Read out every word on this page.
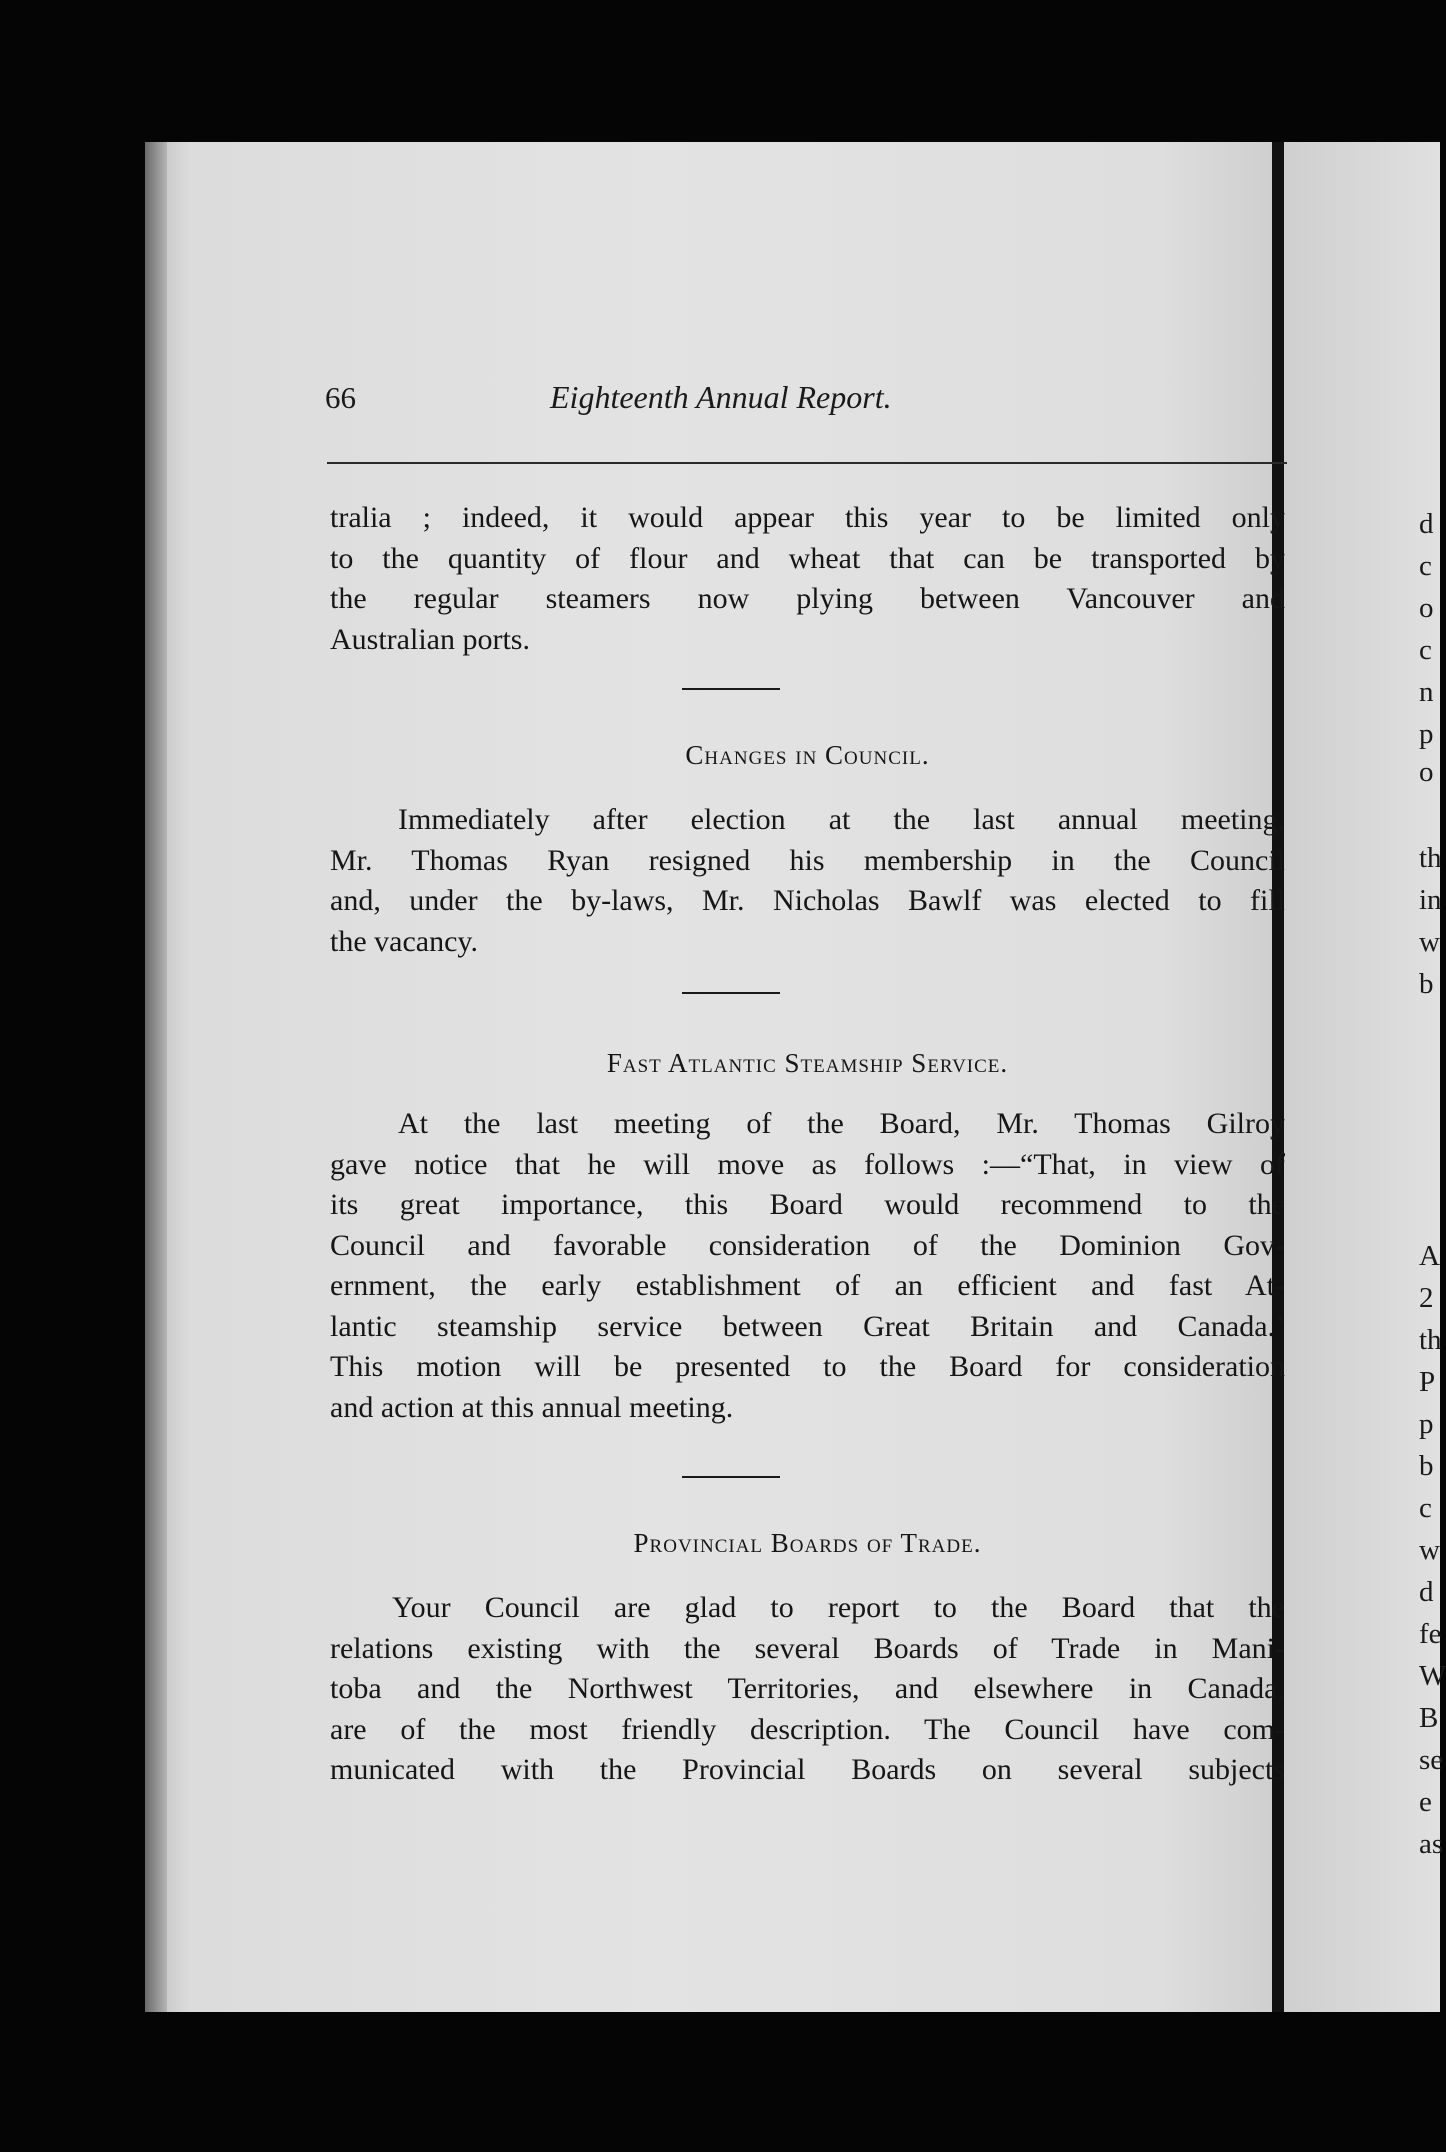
d
c
o
c
n
p
o
th
in
w
b
A
2
th
P
p
b
c
w
d
fe
W
B
se
e
as
66	Eighteenth Annual Report.

tralia ; indeed, it would appear this year to be limited only
to the quantity of flour and wheat that can be transported by
the regular steamers now plying between Vancouver and
Australian ports.

Changes in Council.

Immediately after election at the last annual meeting,
Mr. Thomas Ryan resigned his membership in the Council
and, under the by-laws, Mr. Nicholas Bawlf was elected to fill
the vacancy.

Fast Atlantic Steamship Service.

At the last meeting of the Board, Mr. Thomas Gilroy
gave notice that he will move as follows :—“That, in view of
its great importance, this Board would recommend to the
Council and favorable consideration of the Dominion Gov-
ernment, the early establishment of an efficient and fast At-
lantic steamship service between Great Britain and Canada.’
This motion will be presented to the Board for consideration
and action at this annual meeting.

Provincial Boards of Trade.

Your Council are glad to report to the Board that the
relations existing with the several Boards of Trade in Mani-
toba and the Northwest Territories, and elsewhere in Canada,
are of the most friendly description. The Council have com-
municated with the Provincial Boards on several subjects
